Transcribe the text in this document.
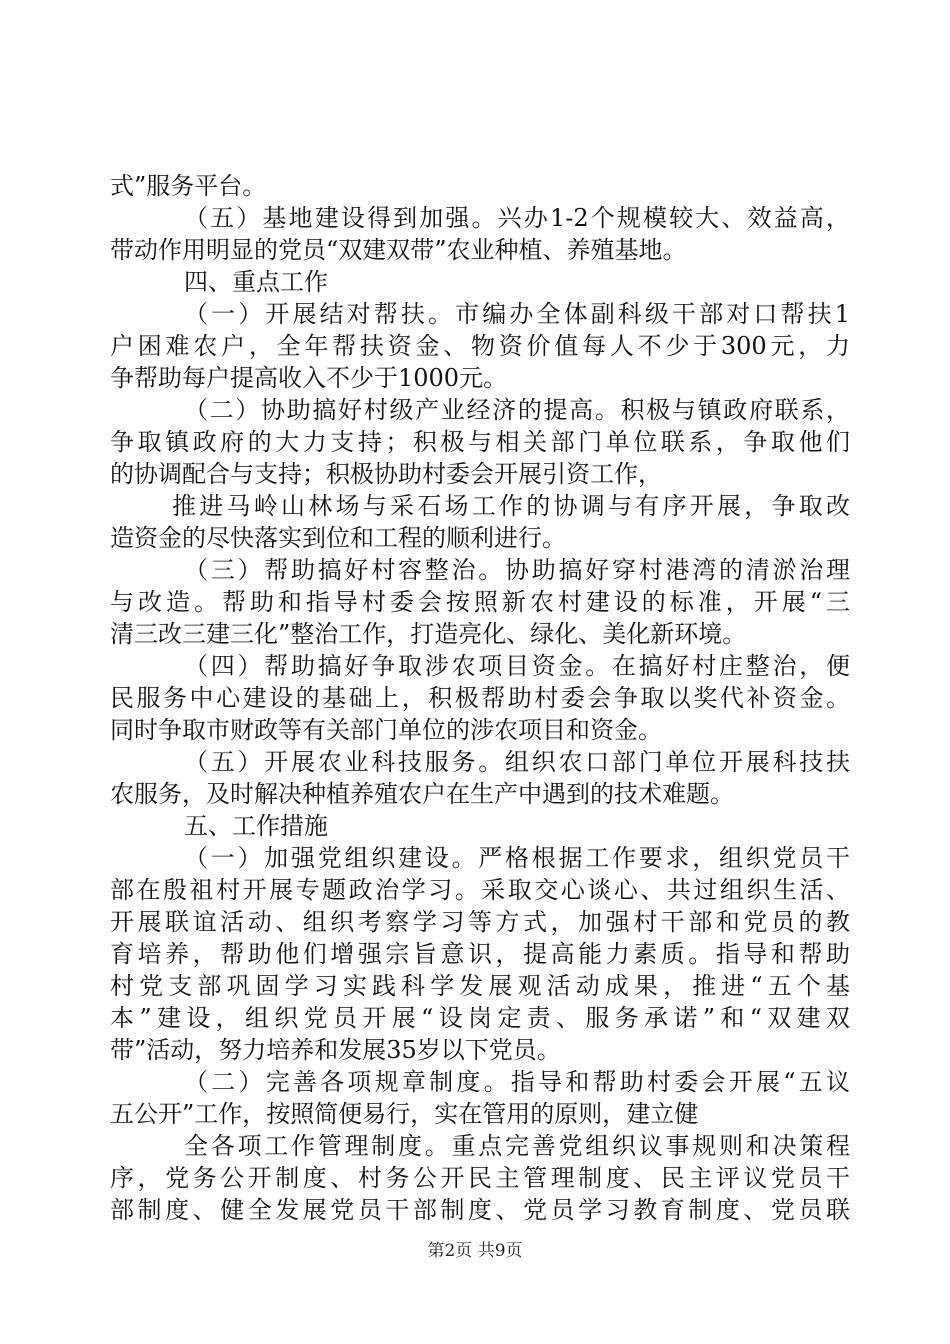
式”服务平台。
（五）基地建设得到加强。兴办1-2个规模较大、效益高，
带动作用明显的党员“双建双带”农业种植、养殖基地。
四、重点工作
（一）开展结对帮扶。市编办全体副科级干部对口帮扶1
户困难农户，全年帮扶资金、物资价值每人不少于300元，力
争帮助每户提高收入不少于1000元。
（二）协助搞好村级产业经济的提高。积极与镇政府联系，
争取镇政府的大力支持；积极与相关部门单位联系，争取他们
的协调配合与支持；积极协助村委会开展引资工作，
推进马岭山林场与采石场工作的协调与有序开展，争取改
造资金的尽快落实到位和工程的顺利进行。
（三）帮助搞好村容整治。协助搞好穿村港湾的清淤治理
与改造。帮助和指导村委会按照新农村建设的标准，开展“三
清三改三建三化”整治工作，打造亮化、绿化、美化新环境。
（四）帮助搞好争取涉农项目资金。在搞好村庄整治，便
民服务中心建设的基础上，积极帮助村委会争取以奖代补资金。
同时争取市财政等有关部门单位的涉农项目和资金。
（五）开展农业科技服务。组织农口部门单位开展科技扶
农服务，及时解决种植养殖农户在生产中遇到的技术难题。
五、工作措施
（一）加强党组织建设。严格根据工作要求，组织党员干
部在殷祖村开展专题政治学习。采取交心谈心、共过组织生活、
开展联谊活动、组织考察学习等方式，加强村干部和党员的教
育培养，帮助他们增强宗旨意识，提高能力素质。指导和帮助
村党支部巩固学习实践科学发展观活动成果，推进“五个基
本”建设，组织党员开展“设岗定责、服务承诺”和“双建双
带”活动，努力培养和发展35岁以下党员。
（二）完善各项规章制度。指导和帮助村委会开展“五议
五公开”工作，按照简便易行，实在管用的原则，建立健
全各项工作管理制度。重点完善党组织议事规则和决策程
序，党务公开制度、村务公开民主管理制度、民主评议党员干
部制度、健全发展党员干部制度、党员学习教育制度、党员联
第2页 共9页
